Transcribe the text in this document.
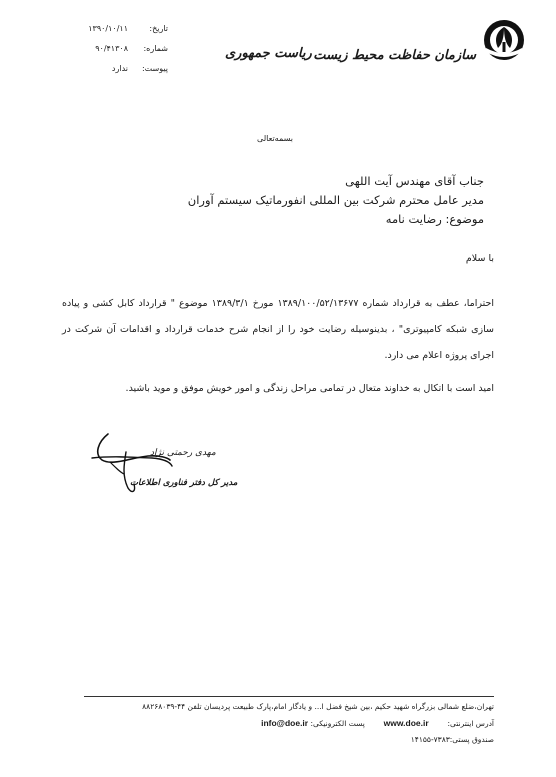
سازمان حفاظت محیط زیست
ریاست جمهوری
تاریخ:
۱۳۹۰/۱۰/۱۱
شماره:
۹۰/۴۱۳۰۸
پیوست:
ندارد
بسمه‌تعالی
جناب آقای مهندس آیت اللهی
مدیر عامل محترم شرکت بین المللی انفورماتیک سیستم آوران
موضوع: رضایت نامه
با سلام
احتراما، عطف به قرارداد شماره ۱۳۸۹/۱۰۰/۵۲/۱۳۶۷۷ مورخ ۱۳۸۹/۳/۱ موضوع " قرارداد کابل کشی و پیاده سازی شبکه کامپیوتری" ، بدینوسیله رضایت خود را از انجام شرح خدمات قرارداد و اقدامات آن شرکت در اجرای پروژه اعلام می دارد.
امید است با اتکال به خداوند متعال در تمامی مراحل زندگی و امور خویش موفق و موید باشید.
مهدی رحمتی نژاد
مدیر کل دفتر فناوری اطلاعات
تهران،ضلع شمالی بزرگراه شهید حکیم ،بین شیخ فضل ا... و یادگار امام،پارک طبیعت پردیسان تلفن ۴۴-۸۸۲۶۸۰۳۹
آدرس اینترنتی:  www.doe.ir  پست الکترونیکی: info@doe.ir
صندوق پستی:۷۳۸۳-۱۴۱۵۵
